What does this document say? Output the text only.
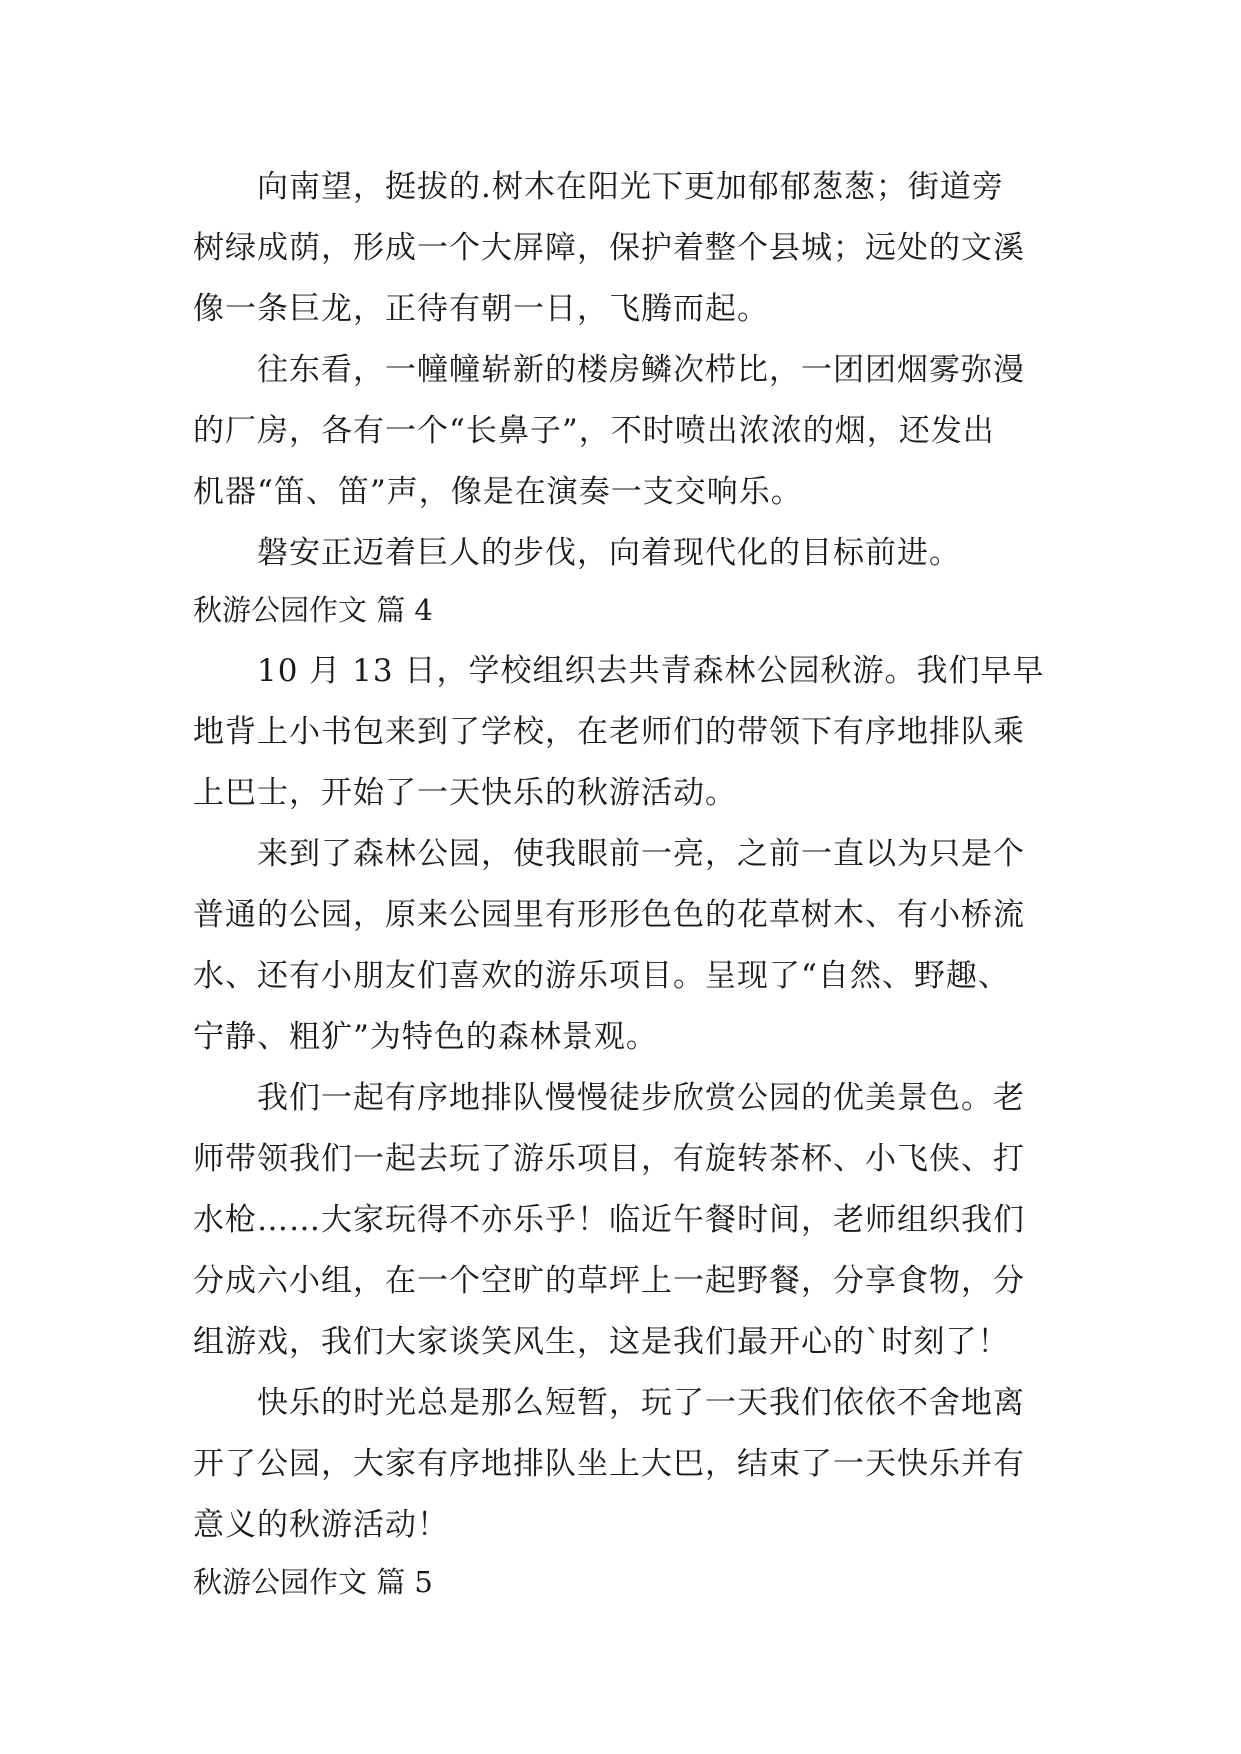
　　向南望，挺拔的.树木在阳光下更加郁郁葱葱；街道旁
树绿成荫，形成一个大屏障，保护着整个县城；远处的文溪
像一条巨龙，正待有朝一日，飞腾而起。
　　往东看，一幢幢崭新的楼房鳞次栉比，一团团烟雾弥漫
的厂房，各有一个“长鼻子”，不时喷出浓浓的烟，还发出
机器“笛、笛”声，像是在演奏一支交响乐。
　　磐安正迈着巨人的步伐，向着现代化的目标前进。
秋游公园作文 篇 4
　　10 月 13 日，学校组织去共青森林公园秋游。我们早早
地背上小书包来到了学校，在老师们的带领下有序地排队乘
上巴士，开始了一天快乐的秋游活动。
　　来到了森林公园，使我眼前一亮，之前一直以为只是个
普通的公园，原来公园里有形形色色的花草树木、有小桥流
水、还有小朋友们喜欢的游乐项目。呈现了“自然、野趣、
宁静、粗犷”为特色的森林景观。
　　我们一起有序地排队慢慢徒步欣赏公园的优美景色。老
师带领我们一起去玩了游乐项目，有旋转茶杯、小飞侠、打
水枪……大家玩得不亦乐乎！临近午餐时间，老师组织我们
分成六小组，在一个空旷的草坪上一起野餐，分享食物，分
组游戏，我们大家谈笑风生，这是我们最开心的`时刻了！
　　快乐的时光总是那么短暂，玩了一天我们依依不舍地离
开了公园，大家有序地排队坐上大巴，结束了一天快乐并有
意义的秋游活动！
秋游公园作文 篇 5
